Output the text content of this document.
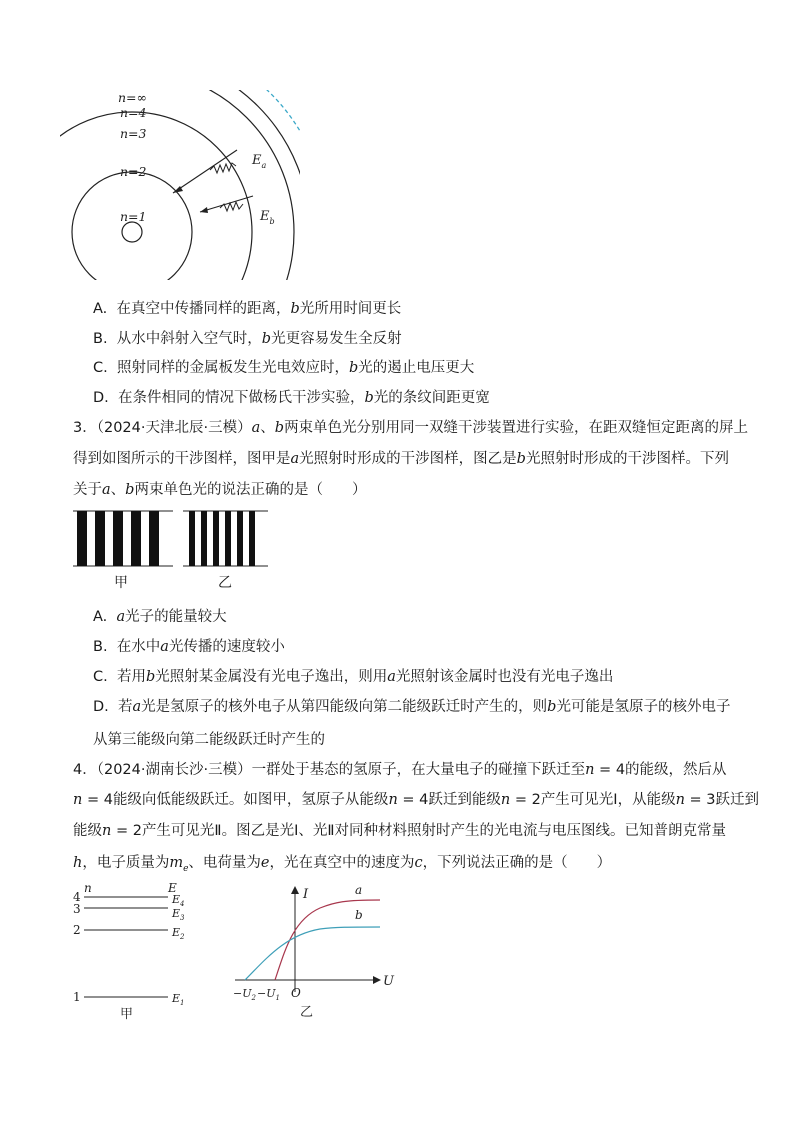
n=∞
n=4
n=3
n=2
n=1
$E_a$
$E_b$
A. 在真空中传播同样的距离，b光所用时间更长
B. 从水中斜射入空气时，b光更容易发生全反射
C. 照射同样的金属板发生光电效应时，b光的遏止电压更大
D. 在条件相同的情况下做杨氏干涉实验，b光的条纹间距更宽
3．（2024·天津北辰·三模）a、b两束单色光分别用同一双缝干涉装置进行实验，在距双缝恒定距离的屏上
得到如图所示的干涉图样，图甲是a光照射时形成的干涉图样，图乙是b光照射时形成的干涉图样。下列
关于a、b两束单色光的说法正确的是（　　）
甲	乙
A. a光子的能量较大
B. 在水中a光传播的速度较小
C. 若用b光照射某金属没有光电子逸出，则用a光照射该金属时也没有光电子逸出
D. 若a光是氢原子的核外电子从第四能级向第二能级跃迁时产生的，则b光可能是氢原子的核外电子
从第三能级向第二能级跃迁时产生的
4．（2024·湖南长沙·三模）一群处于基态的氢原子，在大量电子的碰撞下跃迁至n = 4的能级，然后从
n = 4能级向低能级跃迁。如图甲，氢原子从能级n = 4跃迁到能级n = 2产生可见光Ⅰ，从能级n = 3跃迁到
能级n = 2产生可见光Ⅱ。图乙是光Ⅰ、光Ⅱ对同种材料照射时产生的光电流与电压图线。已知普朗克常量
h，电子质量为$m_e$、电荷量为e，光在真空中的速度为c，下列说法正确的是（　　）
n	E
4	$E_4$
3	$E_3$
2	$E_2$
1	$E_1$
甲
I
U
O
$-U_2 -U_1$
a
b
乙
